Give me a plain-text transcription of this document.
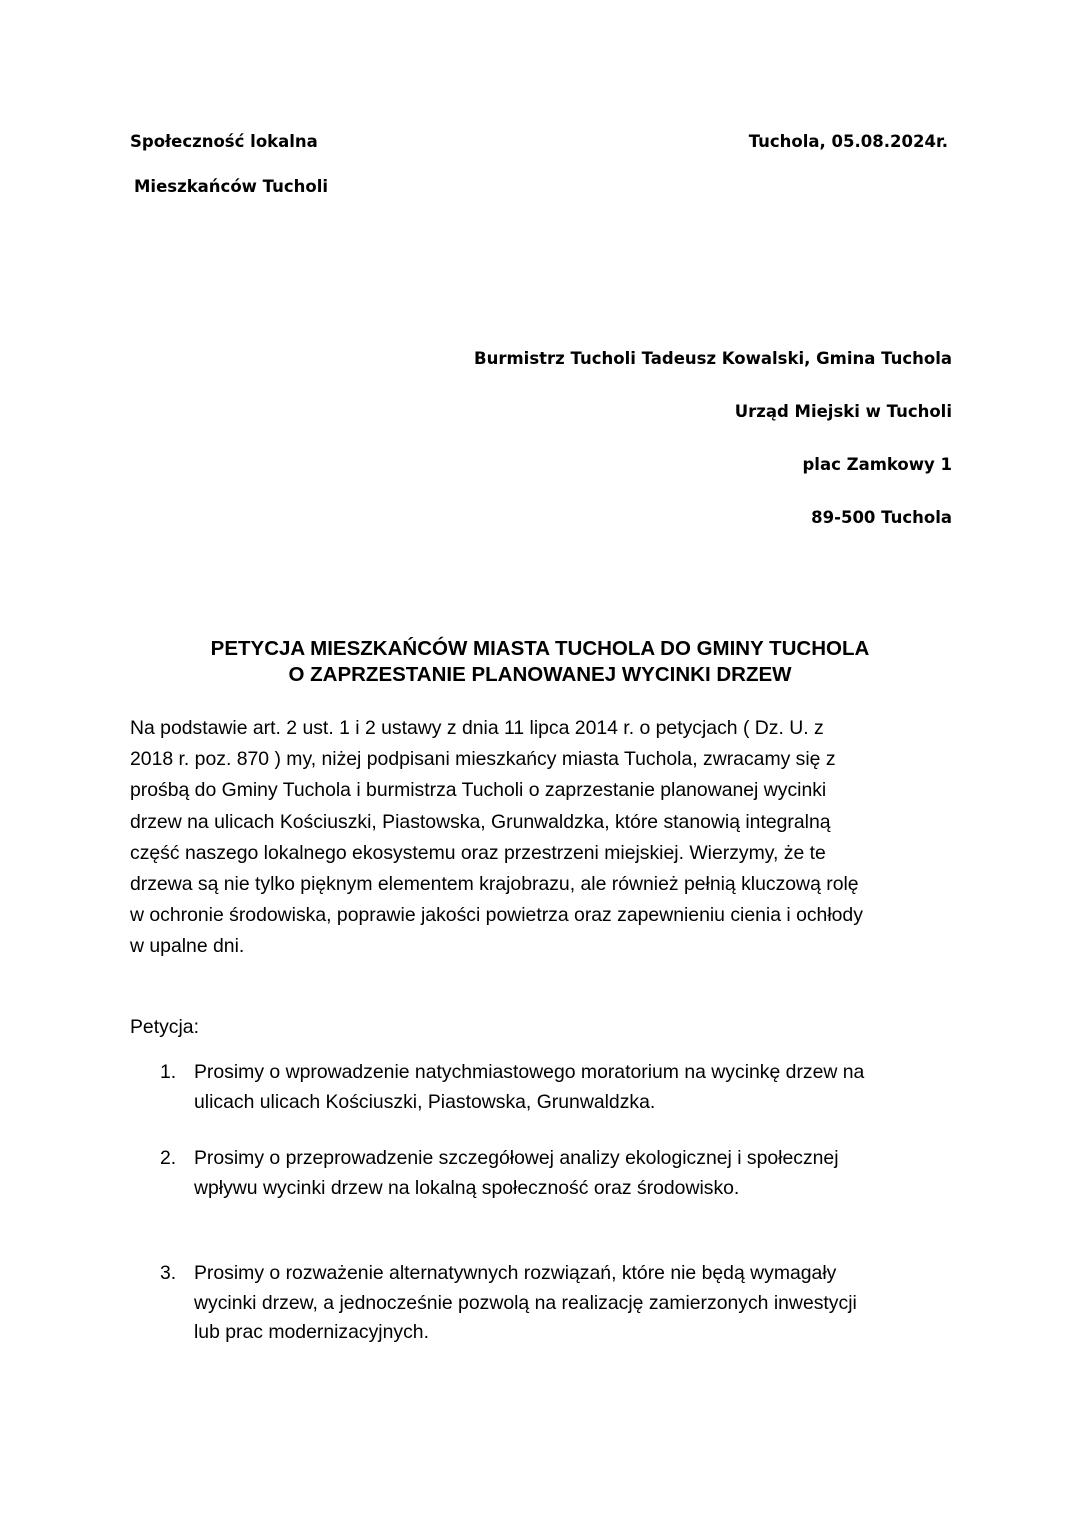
Społeczność lokalna
Mieszkańców Tucholi
Tuchola, 05.08.2024r.
Burmistrz Tucholi Tadeusz Kowalski, Gmina Tuchola
Urząd Miejski w Tucholi
plac Zamkowy 1
89-500 Tuchola
PETYCJA MIESZKAŃCÓW MIASTA TUCHOLA DO GMINY TUCHOLA
O ZAPRZESTANIE PLANOWANEJ WYCINKI DRZEW
Na podstawie art. 2 ust. 1 i 2 ustawy z dnia 11 lipca 2014 r. o petycjach ( Dz. U. z
2018 r. poz. 870 ) my, niżej podpisani mieszkańcy miasta Tuchola, zwracamy się z
prośbą do Gminy Tuchola i burmistrza Tucholi o zaprzestanie planowanej wycinki
drzew na ulicach Kościuszki, Piastowska, Grunwaldzka, które stanowią integralną
część naszego lokalnego ekosystemu oraz przestrzeni miejskiej. Wierzymy, że te
drzewa są nie tylko pięknym elementem krajobrazu, ale również pełnią kluczową rolę
w ochronie środowiska, poprawie jakości powietrza oraz zapewnieniu cienia i ochłody
w upalne dni.
Petycja:
1. Prosimy o wprowadzenie natychmiastowego moratorium na wycinkę drzew na
ulicach ulicach Kościuszki, Piastowska, Grunwaldzka.
2. Prosimy o przeprowadzenie szczegółowej analizy ekologicznej i społecznej
wpływu wycinki drzew na lokalną społeczność oraz środowisko.
3. Prosimy o rozważenie alternatywnych rozwiązań, które nie będą wymagały
wycinki drzew, a jednocześnie pozwolą na realizację zamierzonych inwestycji
lub prac modernizacyjnych.
